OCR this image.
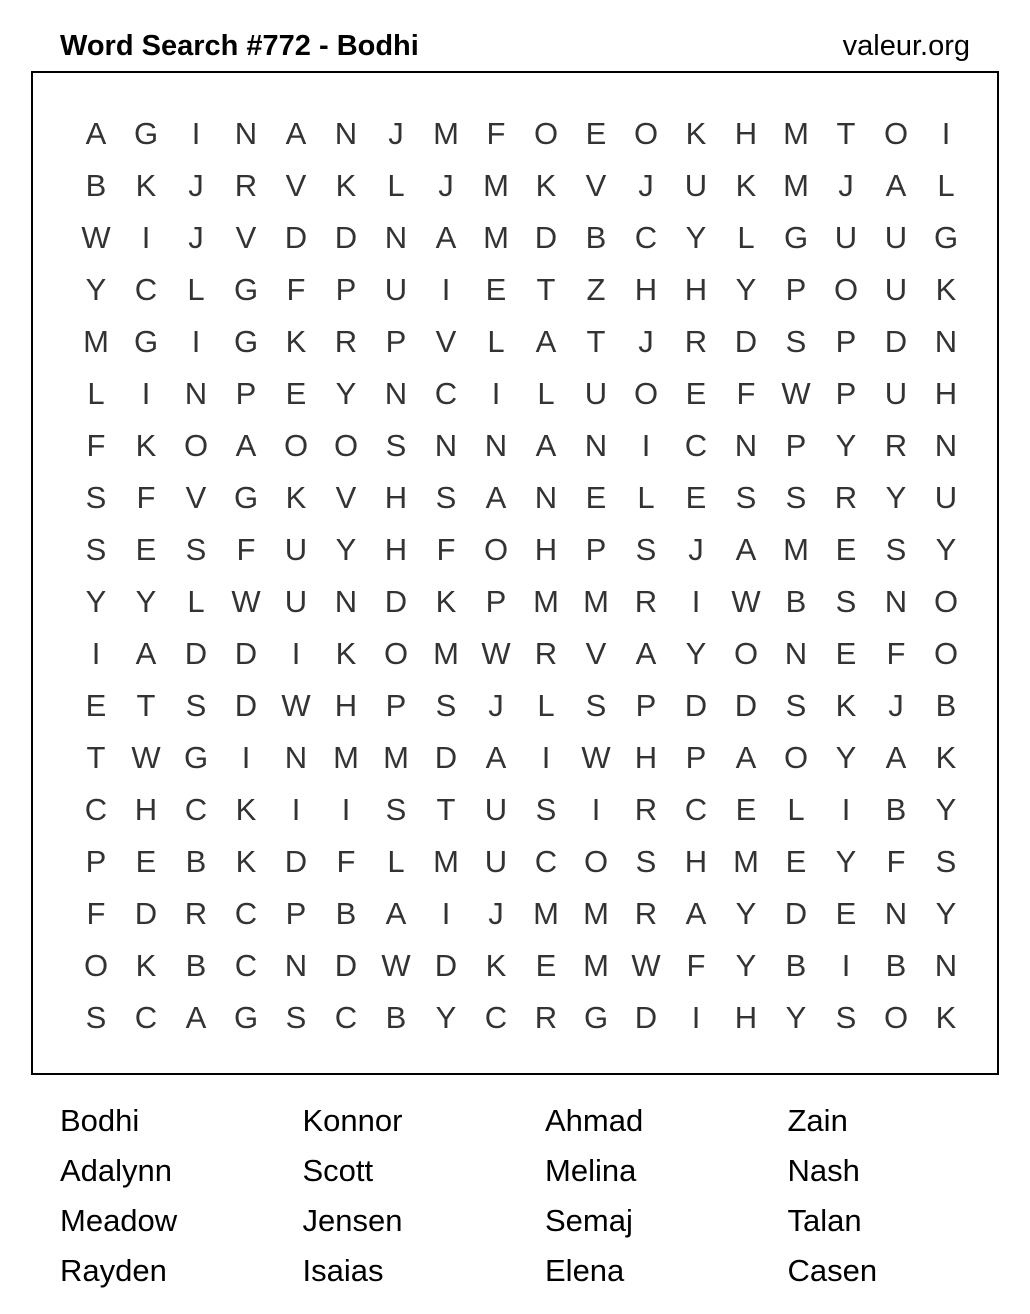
Word Search #772 - Bodhi	valeur.org
A G	I	N A N	J M F O E O K H M T O	I
B K	J	R V K	L	J M K V	J	U K M J	A	L
W	I	J	V D D N A M D B C Y	L G U U G
Y C L G F P U	I	E T	Z H H Y P O U K
M G	I	G K R P V	L	A T	J	R D S P D N
L	I	N P E Y N C	I	L U O E F W P U H
F K O A O O S N N A N	I	C N P Y R N
S F V G K V H S A N E	L	E S S R Y U
S E S F U Y H F O H P S	J	A M E S Y
Y Y	L W U N D K P M M R	I	W B S N O
I	A D D	I	K O M W R V A Y O N E F O
E T S D W H P S	J	L	S P D D S K	J	B
T W G	I	N M M D A	I	W H P A O Y A K
C H C K	I	I	S T U S	I	R C E	L	I	B Y
P E B K D F	L M U C O S H M E Y F S
F D R C P B A	I	J M M R A Y D E N Y
O K B C N D W D K E M W F Y B	I	B N
S C A G S C B Y C R G D	I	H Y S O K
Bodhi	Konnor	Ahmad	Zain
Adalynn	Scott	Melina	Nash
Meadow	Jensen	Semaj	Talan
Rayden	Isaias	Elena	Casen
